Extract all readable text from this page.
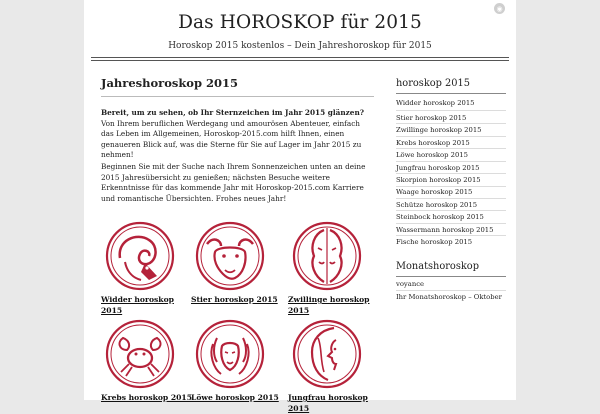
◉
Das HOROSKOP für 2015
Horoskop 2015 kostenlos – Dein Jahreshoroskop für 2015
Jahreshoroskop 2015
Bereit, um zu sehen, ob Ihr Sternzeichen im Jahr 2015 glänzen? Von Ihrem beruflichen Werdegang und amourösen Abenteuer, einfach das Leben im Allgemeinen, Horoskop-2015.com hilft Ihnen, einen genaueren Blick auf, was die Sterne für Sie auf Lager im Jahr 2015 zu nehmen!
Beginnen Sie mit der Suche nach Ihrem Sonnenzeichen unten an deine 2015 Jahresübersicht zu genießen; nächsten Besuche weitere Erkenntnisse für das kommende Jahr mit Horoskop-2015.com Karriere und romantische Übersichten. Frohes neues Jahr!
Widder horoskop 2015
Stier horoskop 2015	Zwillinge horoskop 2015
Krebs horoskop 2015
Löwe horoskop 2015	Jungfrau horoskop 2015
horoskop 2015
Widder horoskop 2015
Stier horoskop 2015
Zwillinge horoskop 2015
Krebs horoskop 2015
Löwe horoskop 2015
Jungfrau horoskop 2015
Skorpion horoskop 2015
Waage horoskop 2015
Schütze horoskop 2015
Steinbock horoskop 2015
Wassermann horoskop 2015
Fische horoskop 2015
Monatshoroskop
voyance
Ihr Monatshoroskop – Oktober
